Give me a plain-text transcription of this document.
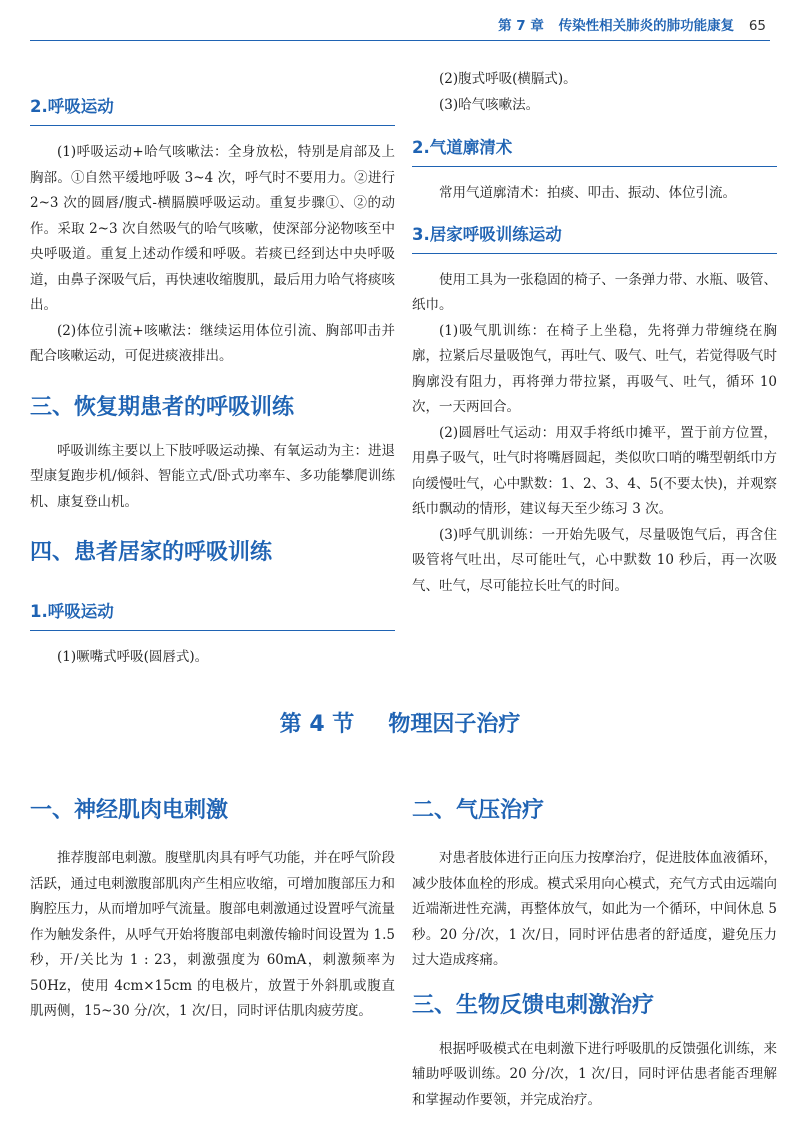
第 7 章 传染性相关肺炎的肺功能康复 65
2.呼吸运动

(1)呼吸运动+哈气咳嗽法：全身放松，特别是肩部及上胸部。①自然平缓地呼吸 3~4 次，呼气时不要用力。②进行 2~3 次的圆唇/腹式-横膈膜呼吸运动。重复步骤①、②的动作。采取 2~3 次自然吸气的哈气咳嗽，使深部分泌物咳至中央呼吸道。重复上述动作缓和呼吸。若痰已经到达中央呼吸道，由鼻子深吸气后，再快速收缩腹肌，最后用力哈气将痰咳出。

(2)体位引流+咳嗽法：继续运用体位引流、胸部叩击并配合咳嗽运动，可促进痰液排出。

三、恢复期患者的呼吸训练

呼吸训练主要以上下肢呼吸运动操、有氧运动为主：进退型康复跑步机/倾斜、智能立式/卧式功率车、多功能攀爬训练机、康复登山机。

四、患者居家的呼吸训练
1.呼吸运动

(1)噘嘴式呼吸(圆唇式)。

(2)腹式呼吸(横膈式)。

(3)哈气咳嗽法。

2.气道廓清术

常用气道廓清术：拍痰、叩击、振动、体位引流。

3.居家呼吸训练运动

使用工具为一张稳固的椅子、一条弹力带、水瓶、吸管、纸巾。

(1)吸气肌训练：在椅子上坐稳，先将弹力带缠绕在胸廓，拉紧后尽量吸饱气，再吐气、吸气、吐气，若觉得吸气时胸廓没有阻力，再将弹力带拉紧，再吸气、吐气，循环 10 次，一天两回合。

(2)圆唇吐气运动：用双手将纸巾摊平，置于前方位置，用鼻子吸气，吐气时将嘴唇圆起，类似吹口哨的嘴型朝纸巾方向缓慢吐气，心中默数：1、2、3、4、5(不要太快)，并观察纸巾飘动的情形，建议每天至少练习 3 次。

(3)呼气肌训练：一开始先吸气，尽量吸饱气后，再含住吸管将气吐出，尽可能吐气，心中默数 10 秒后，再一次吸气、吐气，尽可能拉长吐气的时间。

第 4 节 物理因子治疗
一、神经肌肉电刺激

推荐腹部电刺激。腹壁肌肉具有呼气功能，并在呼气阶段活跃，通过电刺激腹部肌肉产生相应收缩，可增加腹部压力和胸腔压力，从而增加呼气流量。腹部电刺激通过设置呼气流量作为触发条件，从呼气开始将腹部电刺激传输时间设置为 1.5 秒，开/关比为 1 : 23，刺激强度为 60mA，刺激频率为 50Hz，使用 4cm×15cm 的电极片，放置于外斜肌或腹直肌两侧，15~30 分/次，1 次/日，同时评估肌肉疲劳度。

二、气压治疗

对患者肢体进行正向压力按摩治疗，促进肢体血液循环，减少肢体血栓的形成。模式采用向心模式，充气方式由远端向近端渐进性充满，再整体放气，如此为一个循环，中间休息 5 秒。20 分/次，1 次/日，同时评估患者的舒适度，避免压力过大造成疼痛。

三、生物反馈电刺激治疗

根据呼吸模式在电刺激下进行呼吸肌的反馈强化训练，来辅助呼吸训练。20 分/次，1 次/日，同时评估患者能否理解和掌握动作要领，并完成治疗。
